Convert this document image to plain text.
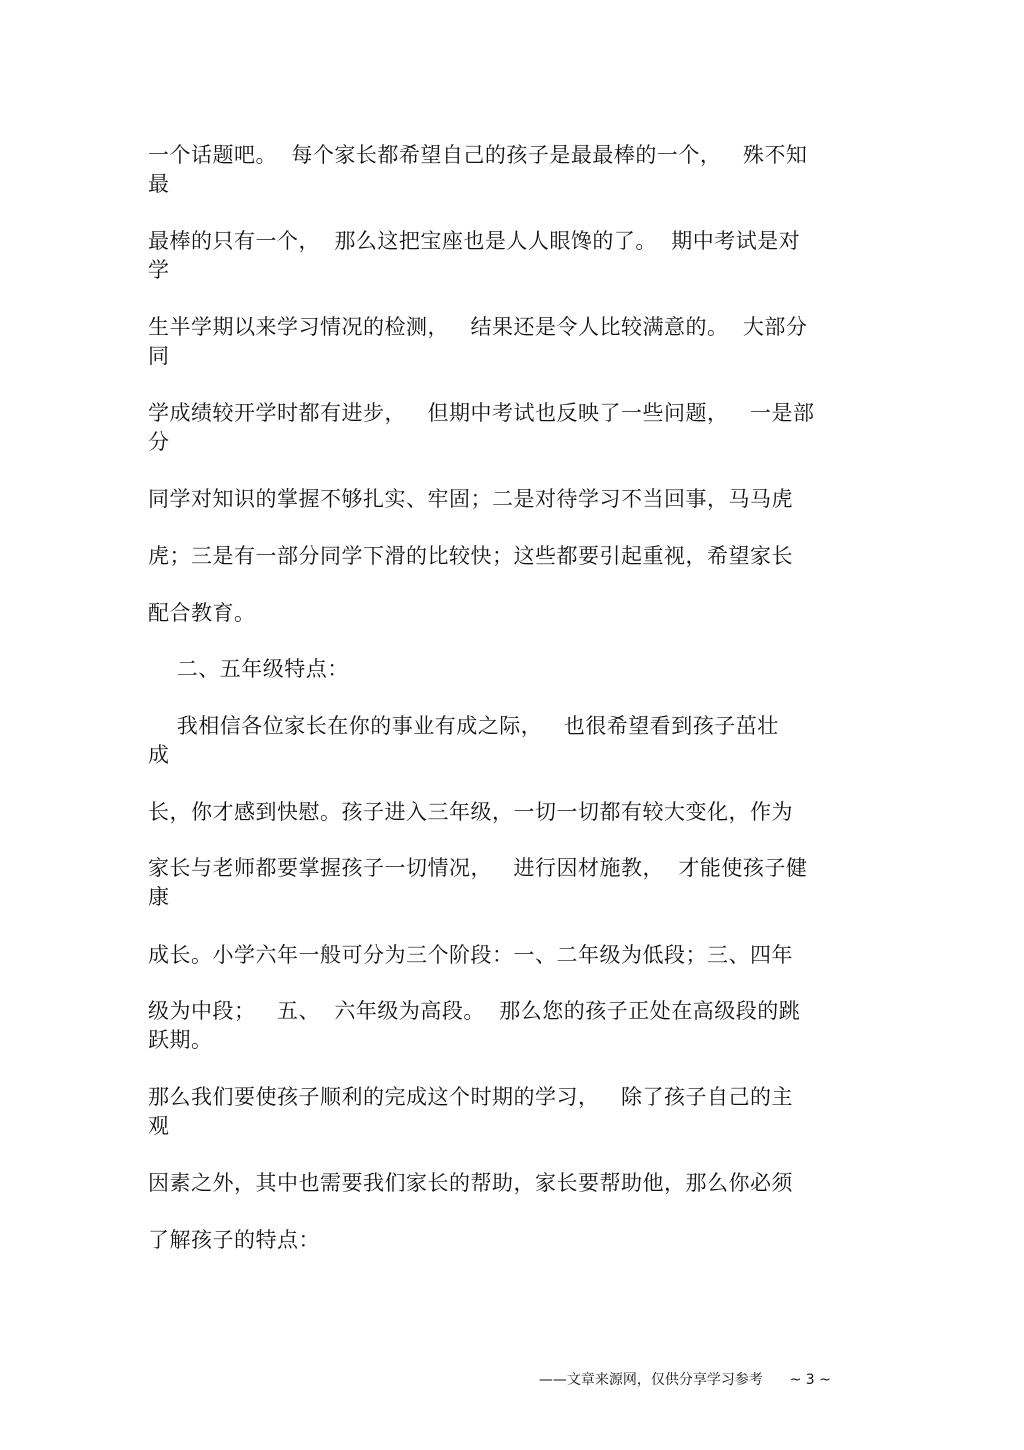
一个话题吧。  每个家长都希望自己的孩子是最最棒的一个，   殊不知
最
最棒的只有一个，  那么这把宝座也是人人眼馋的了。  期中考试是对
学
生半学期以来学习情况的检测，   结果还是令人比较满意的。  大部分
同
学成绩较开学时都有进步，   但期中考试也反映了一些问题，   一是部
分
同学对知识的掌握不够扎实、牢固；二是对待学习不当回事，马马虎
虎；三是有一部分同学下滑的比较快；这些都要引起重视，希望家长
配合教育。
二、五年级特点：
我相信各位家长在你的事业有成之际，   也很希望看到孩子茁壮
成
长，你才感到快慰。孩子进入三年级，一切一切都有较大变化，作为
家长与老师都要掌握孩子一切情况，   进行因材施教，  才能使孩子健
康
成长。小学六年一般可分为三个阶段：一、二年级为低段；三、四年
级为中段；   五、  六年级为高段。  那么您的孩子正处在高级段的跳
跃期。
那么我们要使孩子顺利的完成这个时期的学习，   除了孩子自己的主
观
因素之外，其中也需要我们家长的帮助，家长要帮助他，那么你必须
了解孩子的特点：

——文章来源网，仅供分享学习参考 ~ 3 ~
